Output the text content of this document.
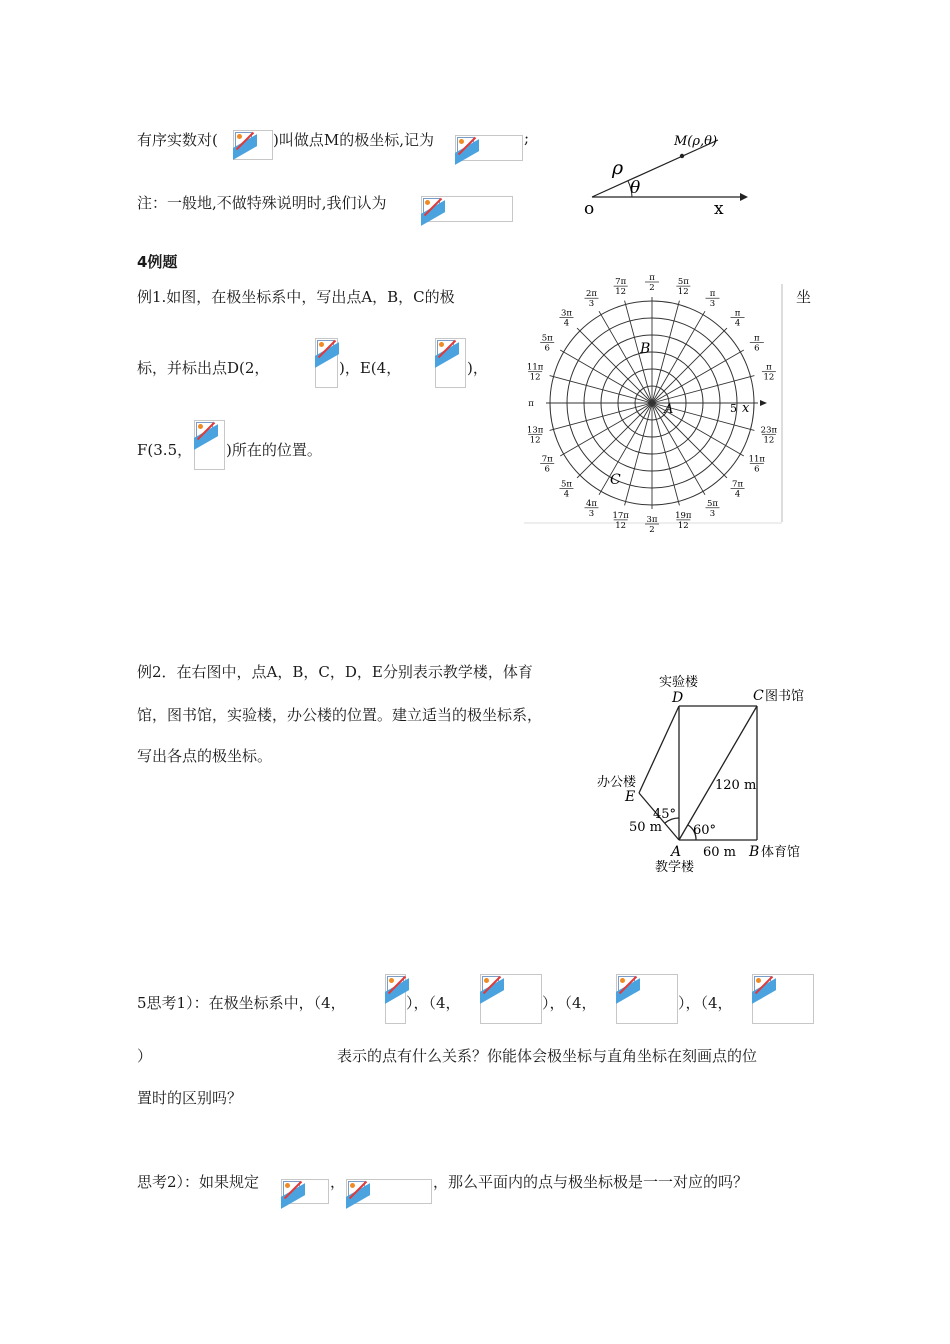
有序实数对(	)叫做点M的极坐标,记为	;
注：一般地,不做特殊说明时,我们认为
M(ρ,θ)
ρ
θ
o	x
4例题
例1.如图，在极坐标系中，写出点A，B，C的极	坐
标，并标出点D(2，	)，E(4，	)，
F(3.5， )所在的位置。
π
2
5π
12 π
3
π
4
π
6
π
12
23π
12
11π
6
7π
4
5π
3
19π
12
3π
2
17π
12
4π
3
5π
4
7π
6
13π
12
π
11π
12
5π
6
3π
4
2π
3
7π
12
A
B
C
5 x
例2．在右图中，点A，B，C，D，E分别表示教学楼，体育
馆，图书馆，实验楼，办公楼的位置。建立适当的极坐标系，
写出各点的极坐标。
实验楼
D	C 图书馆
办公楼
E
45°
50 m
120 m
60°
A 60 m B 体育馆
教学楼
5思考1）：在极坐标系中，（4，	），（4，	），（4，	），（4，
）	表示的点有什么关系？你能体会极坐标与直角坐标在刻画点的位
置时的区别吗？
思考2）：如果规定	，	，那么平面内的点与极坐标极是一一对应的吗？
